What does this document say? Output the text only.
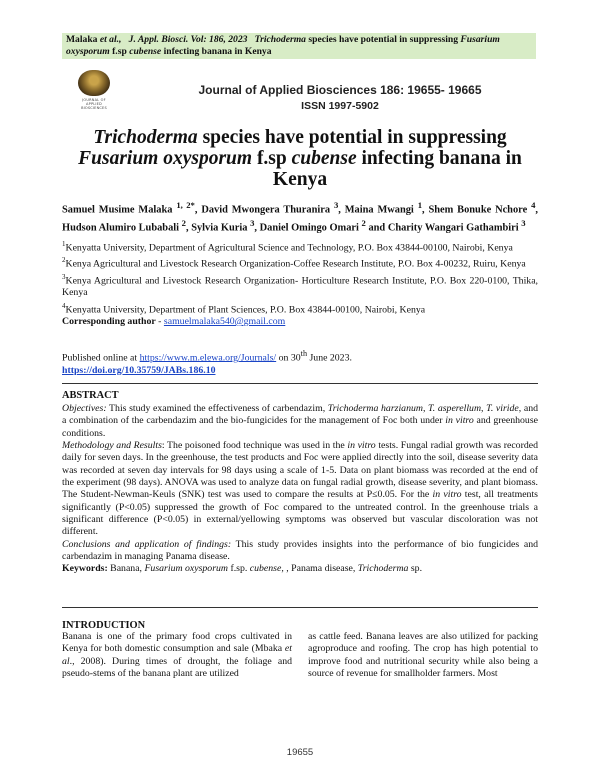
Malaka et al., J. Appl. Biosci. Vol: 186, 2023 Trichoderma species have potential in suppressing Fusarium oxysporum f.sp cubense infecting banana in Kenya
JOURNAL OF APPLIED BIOSCIENCES
Journal of Applied Biosciences 186: 19655- 19665
ISSN 1997-5902
Trichoderma species have potential in suppressing Fusarium oxysporum f.sp cubense infecting banana in Kenya
Samuel Musime Malaka $^{1, 2*}$, David Mwongera Thuranira $^3$, Maina Mwangi $^1$, Shem Bonuke Nchore $^4$, Hudson Alumiro Lubabali $^2$, Sylvia Kuria $^3$, Daniel Omingo Omari $^2$ and Charity Wangari Gathambiri $^3$
$^1$Kenyatta University, Department of Agricultural Science and Technology, P.O. Box 43844-00100, Nairobi, Kenya
$^2$Kenya Agricultural and Livestock Research Organization-Coffee Research Institute, P.O. Box 4-00232, Ruiru, Kenya
$^3$Kenya Agricultural and Livestock Research Organization- Horticulture Research Institute, P.O. Box 220-0100, Thika, Kenya
$^4$Kenyatta University, Department of Plant Sciences, P.O. Box 43844-00100, Nairobi, Kenya
Corresponding author - samuelmalaka540@gmail.com
Published online at https://www.m.elewa.org/Journals/ on 30th June 2023.
https://doi.org/10.35759/JABs.186.10
ABSTRACT

Objectives: This study examined the effectiveness of carbendazim, Trichoderma harzianum, T. asperellum, T. viride, and a combination of the carbendazim and the bio-fungicides for the management of Foc both under in vitro and greenhouse conditions.

Methodology and Results: The poisoned food technique was used in the in vitro tests. Fungal radial growth was recorded daily for seven days. In the greenhouse, the test products and Foc were applied directly into the soil, disease severity data was recorded at seven day intervals for 98 days using a scale of 1-5. Data on plant biomass was recorded at the end of the experiment (98 days). ANOVA was used to analyze data on fungal radial growth, disease severity, and plant biomass. The Student-Newman-Keuls (SNK) test was used to compare the results at P≤0.05. For the in vitro test, all treatments significantly (P<0.05) suppressed the growth of Foc compared to the untreated control. In the greenhouse trials a significant difference (P<0.05) in external/yellowing symptoms was observed but vascular discoloration was not different.

Conclusions and application of findings: This study provides insights into the performance of bio fungicides and carbendazim in managing Panama disease.

Keywords: Banana, Fusarium oxysporum f.sp. cubense, , Panama disease, Trichoderma sp.

INTRODUCTION
Banana is one of the primary food crops cultivated in Kenya for both domestic consumption and sale (Mbaka et al., 2008). During times of drought, the foliage and pseudo-stems of the banana plant are utilized
as cattle feed. Banana leaves are also utilized for packing agroproduce and roofing. The crop has high potential to improve food and nutritional security while also being a source of revenue for smallholder farmers. Most
19655
